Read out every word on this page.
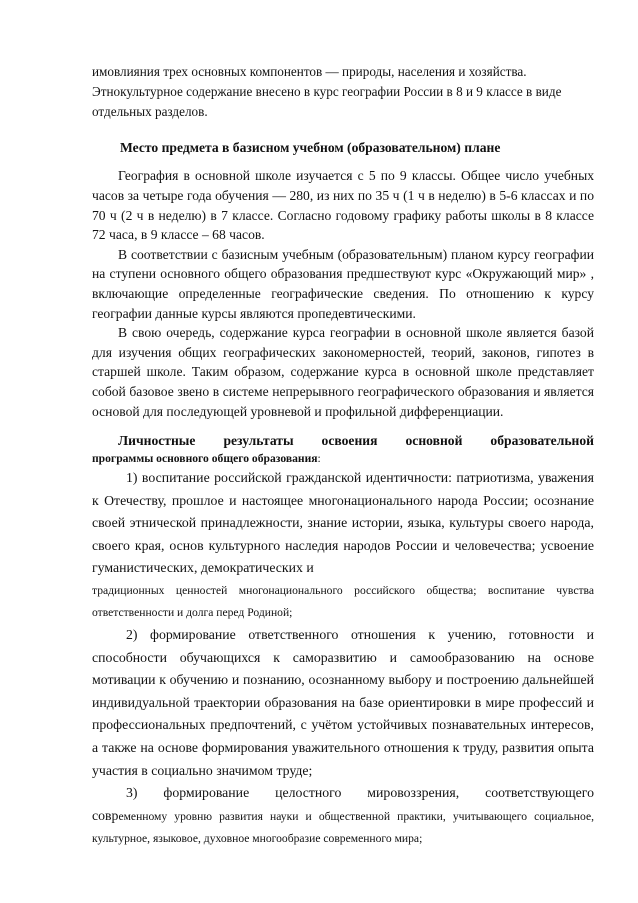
имовлияния трех основных компонентов — природы, населения и хозяйства. Этнокультурное содержание внесено в курс географии России в 8 и 9 классе в виде отдельных разделов.

Место предмета в базисном учебном (образовательном) плане

География в основной школе изучается с 5 по 9 классы. Общее число учебных часов за четыре года обучения — 280, из них по 35 ч (1 ч в неделю) в 5-6 классах и по 70 ч (2 ч в неделю) в 7 классе. Согласно годовому графику работы школы в 8 классе 72 часа, в 9 классе – 68 часов.

В соответствии с базисным учебным (образовательным) планом курсу географии на ступени основного общего образования предшествуют курс «Окружающий мир» , включающие определенные географические сведения. По отношению к курсу географии данные курсы являются пропедевтическими.

В свою очередь, содержание курса географии в основной школе является базой для изучения общих географических закономерностей, теорий, законов, гипотез в старшей школе. Таким образом, содержание курса в основной школе представляет собой базовое звено в системе непрерывного географического образования и является основой для последующей уровневой и профильной дифференциации.

Личностные результаты освоения основной образовательной
программы основного общего образования:

1) воспитание российской гражданской идентичности: патриотизма, уважения к Отечеству, прошлое и настоящее многонационального народа России; осознание своей этнической принадлежности, знание истории, языка, культуры своего народа, своего края, основ культурного наследия народов России и человечества; усвоение гуманистических, демократических и

традиционных ценностей многонационального российского общества; воспитание чувства ответственности и долга перед Родиной;

2) формирование ответственного отношения к учению, готовности и способности обучающихся к саморазвитию и самообразованию на основе мотивации к обучению и познанию, осознанному выбору и построению дальнейшей индивидуальной траектории образования на базе ориентировки в мире профессий и профессиональных предпочтений, с учётом устойчивых познавательных интересов, а также на основе формирования уважительного отношения к труду, развития опыта участия в социально значимом труде;

3) формирование целостного мировоззрения, соответствующего

современному уровню развития науки и общественной практики, учитывающего социальное, культурное, языковое, духовное многообразие современного мира;
